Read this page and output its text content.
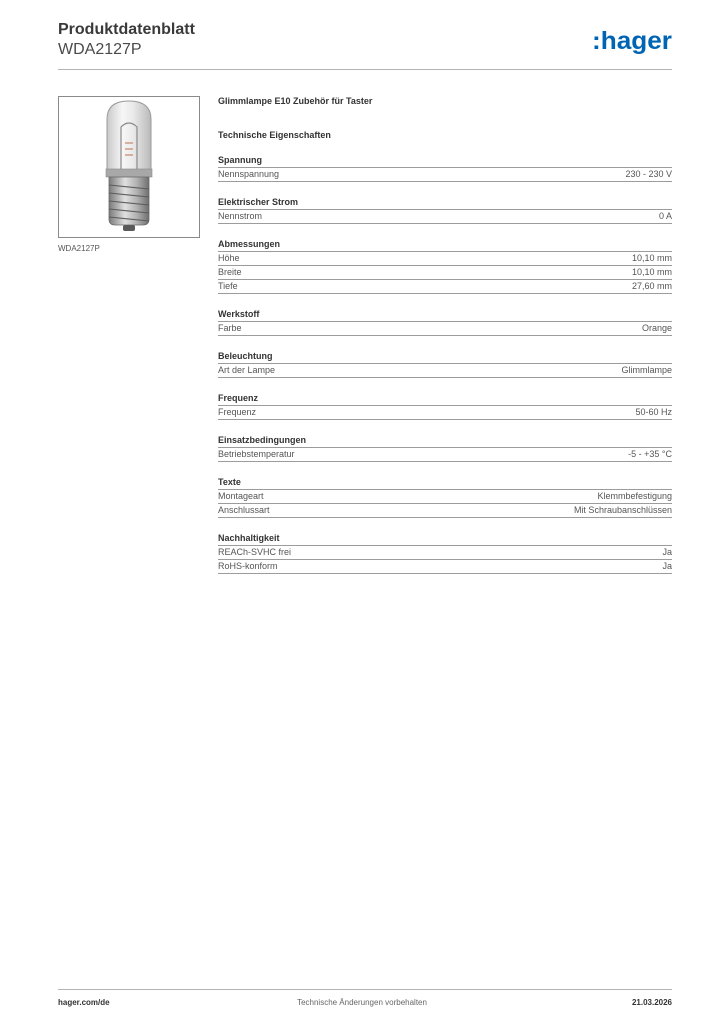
Produktdatenblatt
WDA2127P	:hager
WDA2127P
Glimmlampe E10 Zubehör für Taster
Technische Eigenschaften
Spannung
Nennspannung	230 - 230 V
Elektrischer Strom
Nennstrom	0 A
Abmessungen
Höhe	10,10 mm
Breite	10,10 mm
Tiefe	27,60 mm
Werkstoff
Farbe	Orange
Beleuchtung
Art der Lampe	Glimmlampe
Frequenz
Frequenz	50-60 Hz
Einsatzbedingungen
Betriebstemperatur	-5 - +35 °C
Texte
Montageart	Klemmbefestigung
Anschlussart	Mit Schraubanschlüssen
Nachhaltigkeit
REACh-SVHC frei	Ja
RoHS-konform	Ja
hager.com/de	Technische Änderungen vorbehalten	21.03.2026
